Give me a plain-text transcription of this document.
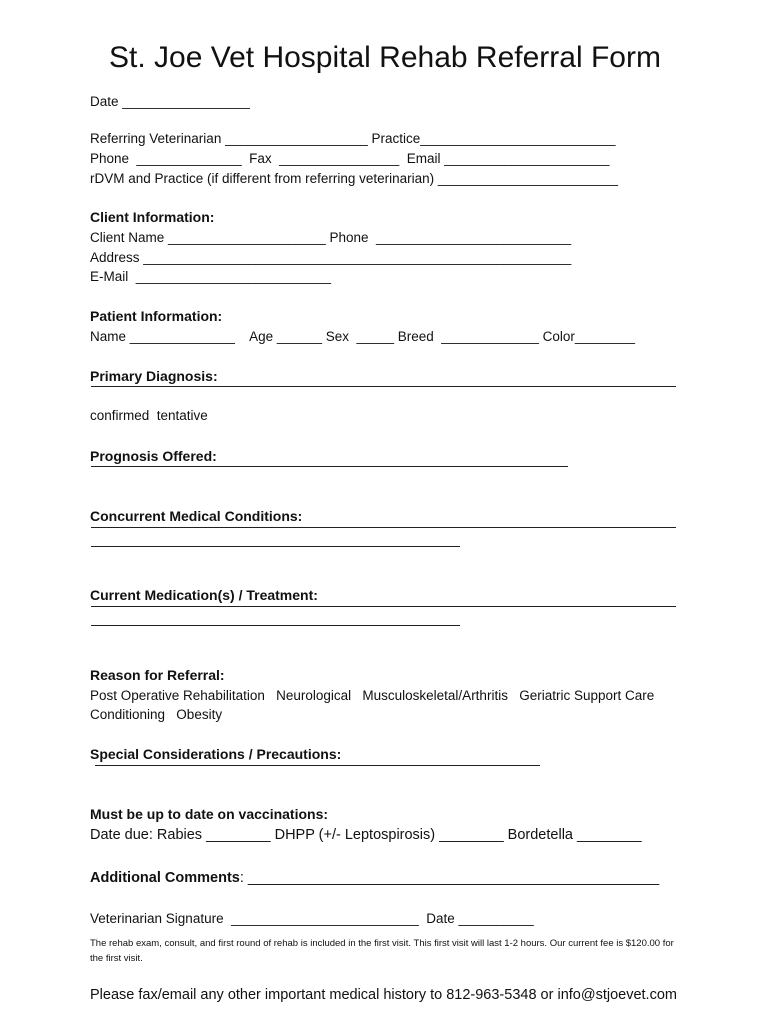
St. Joe Vet Hospital Rehab Referral Form
Date _________________
Referring Veterinarian ___________________ Practice__________________________
Phone  ______________  Fax  ________________  Email ______________________
rDVM and Practice (if different from referring veterinarian) ________________________
Client Information:
Client Name _____________________ Phone  __________________________
Address _________________________________________________________
E-Mail  __________________________
Patient Information:
Name ______________    Age ______ Sex  _____ Breed  _____________ Color________
Primary Diagnosis:
confirmed  tentative
Prognosis Offered:
Concurrent Medical Conditions:
Current Medication(s) / Treatment:
Reason for Referral:
Post Operative Rehabilitation   Neurological   Musculoskeletal/Arthritis   Geriatric Support Care
Conditioning   Obesity
Special Considerations / Precautions:
Must be up to date on vaccinations:
Date due: Rabies ________ DHPP (+/- Leptospirosis) ________ Bordetella ________
Additional Comments: ___________________________________________________
Veterinarian Signature  _________________________  Date __________
The rehab exam, consult, and first round of rehab is included in the first visit. This first visit will last 1-2 hours. Our current fee is $120.00 for the first visit.
Please fax/email any other important medical history to 812-963-5348 or info@stjoevet.com
